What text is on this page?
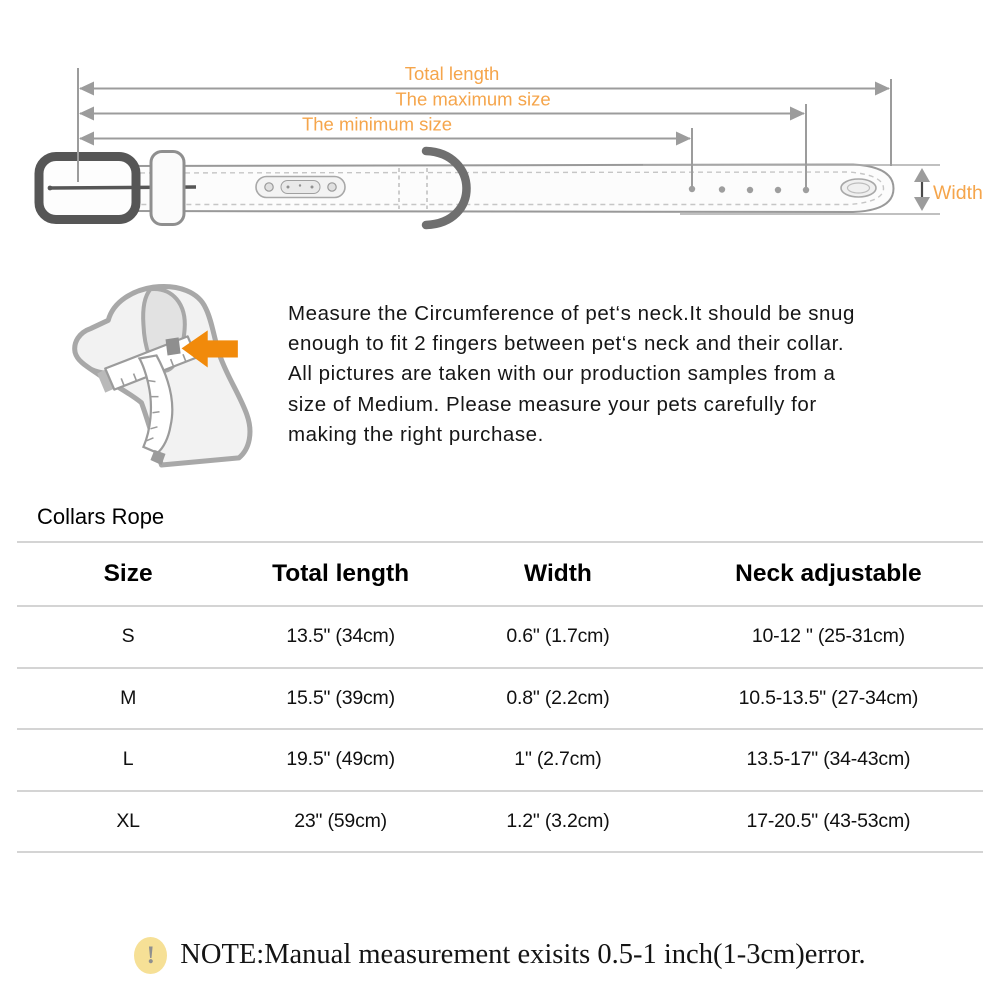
Total length
The maximum size
The minimum size
Width
Measure the Circumference of pet‘s neck.It should be snug
enough to fit 2 fingers between pet‘s neck and their collar.
All pictures are taken with our production samples from a
size of Medium. Please measure your pets carefully for
making the right purchase.
Collars Rope
Size	Total length	Width	Neck adjustable
S	13.5" (34cm)	0.6" (1.7cm)	10-12 " (25-31cm)
M	15.5" (39cm)	0.8" (2.2cm)	10.5-13.5" (27-34cm)
L	19.5" (49cm)	1" (2.7cm)	13.5-17" (34-43cm)
XL	23" (59cm)	1.2" (3.2cm)	17-20.5" (43-53cm)
! NOTE:Manual measurement exisits 0.5-1 inch(1-3cm)error.
